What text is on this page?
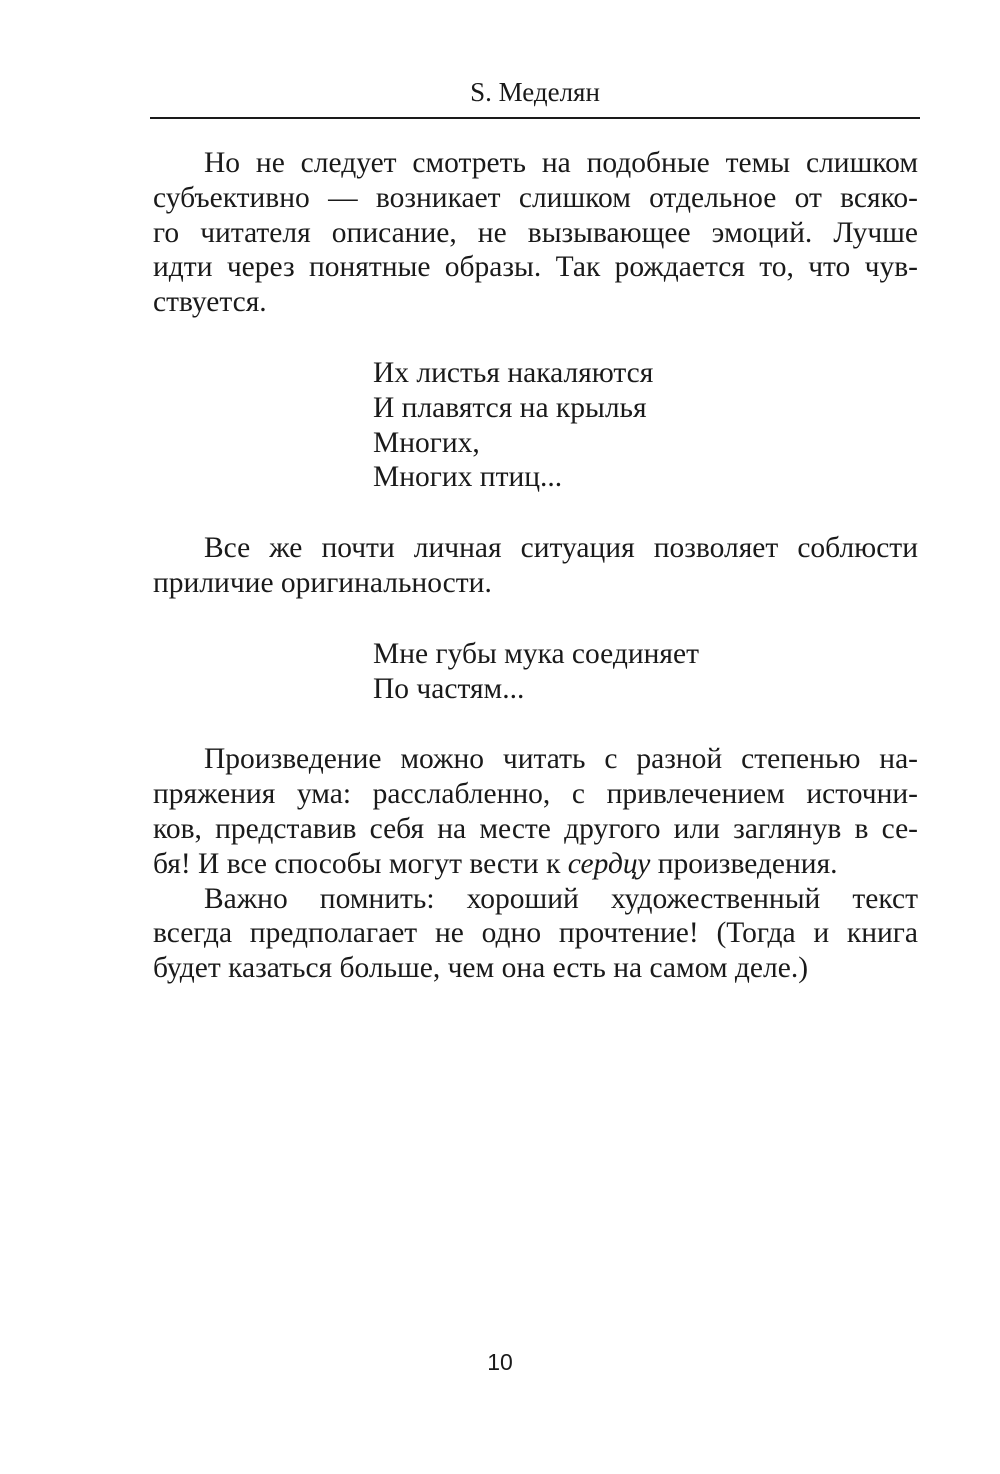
S. Меделян
Но не следует смотреть на подобные темы слишком
субъективно — возникает слишком отдельное от всяко-
го читателя описание, не вызывающее эмоций. Лучше
идти через понятные образы. Так рождается то, что чув-
ствуется.
Их листья накаляются
И плавятся на крылья
Многих,
Многих птиц...
Все же почти личная ситуация позволяет соблюсти
приличие оригинальности.
Мне губы мука соединяет
По частям...
Произведение можно читать с разной степенью на-
пряжения ума: расслабленно, с привлечением источни-
ков, представив себя на месте другого или заглянув в се-
бя! И все способы могут вести к сердцу произведения.
Важно помнить: хороший художественный текст
всегда предполагает не одно прочтение! (Тогда и книга
будет казаться больше, чем она есть на самом деле.)
10
